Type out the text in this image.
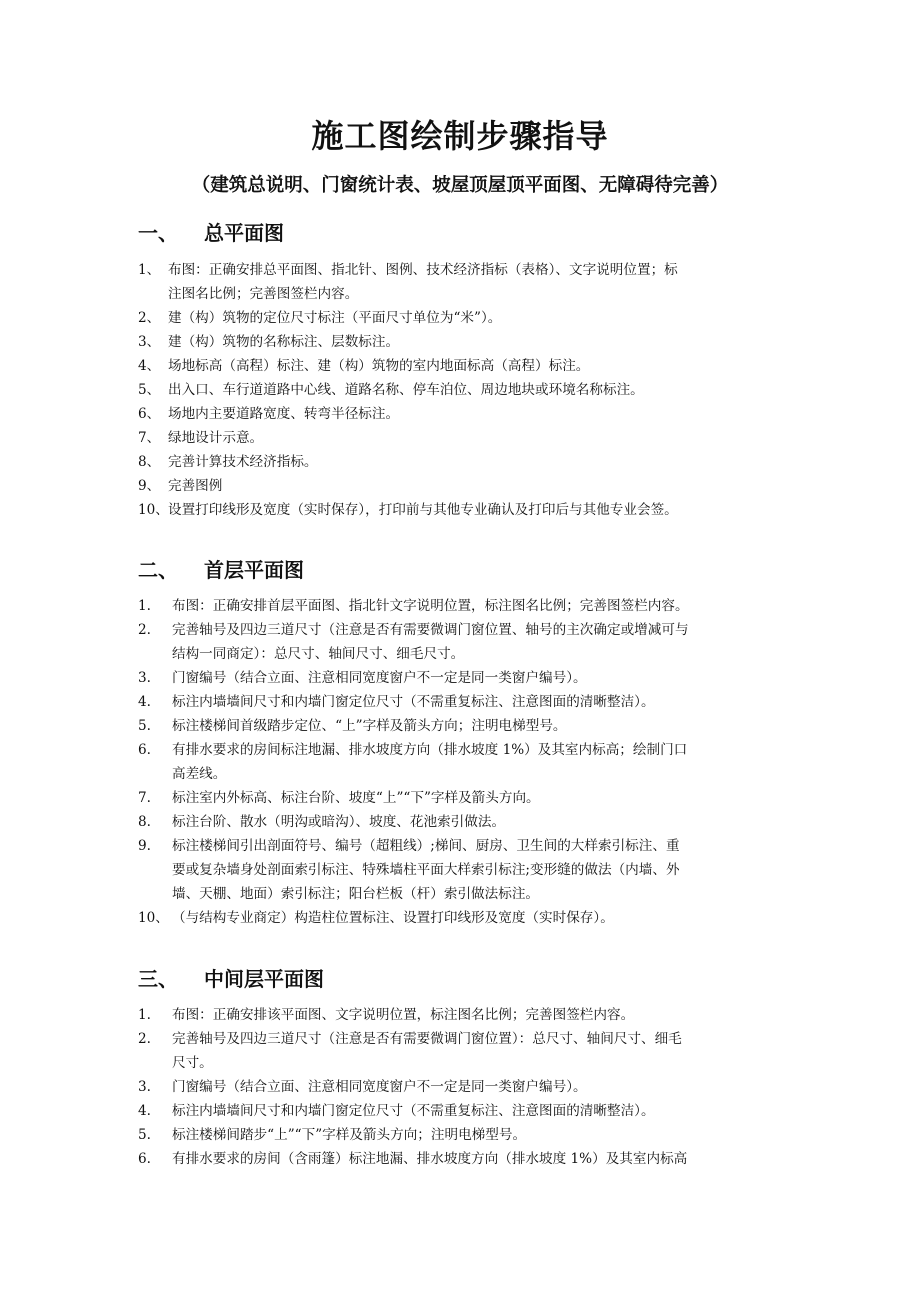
施工图绘制步骤指导
（建筑总说明、门窗统计表、坡屋顶屋顶平面图、无障碍待完善）
一、 总平面图
1、 布图：正确安排总平面图、指北针、图例、技术经济指标（表格）、文字说明位置；标
注图名比例；完善图签栏内容。
2、 建（构）筑物的定位尺寸标注（平面尺寸单位为“米”）。
3、 建（构）筑物的名称标注、层数标注。
4、 场地标高（高程）标注、建（构）筑物的室内地面标高（高程）标注。
5、 出入口、车行道道路中心线、道路名称、停车泊位、周边地块或环境名称标注。
6、 场地内主要道路宽度、转弯半径标注。
7、 绿地设计示意。
8、 完善计算技术经济指标。
9、 完善图例
10、 设置打印线形及宽度（实时保存），打印前与其他专业确认及打印后与其他专业会签。
二、 首层平面图
1. 布图：正确安排首层平面图、指北针文字说明位置，标注图名比例；完善图签栏内容。
2. 完善轴号及四边三道尺寸（注意是否有需要微调门窗位置、轴号的主次确定或增减可与
结构一同商定）：总尺寸、轴间尺寸、细毛尺寸。
3. 门窗编号（结合立面、注意相同宽度窗户不一定是同一类窗户编号）。
4. 标注内墙墙间尺寸和内墙门窗定位尺寸（不需重复标注、注意图面的清晰整洁）。
5. 标注楼梯间首级踏步定位、“上”字样及箭头方向；注明电梯型号。
6. 有排水要求的房间标注地漏、排水坡度方向（排水坡度 1%）及其室内标高；绘制门口
高差线。
7. 标注室内外标高、标注台阶、坡度“上”“下”字样及箭头方向。
8. 标注台阶、散水（明沟或暗沟）、坡度、花池索引做法。
9. 标注楼梯间引出剖面符号、编号（超粗线）;梯间、厨房、卫生间的大样索引标注、重
要或复杂墙身处剖面索引标注、特殊墙柱平面大样索引标注;变形缝的做法（内墙、外
墙、天棚、地面）索引标注；阳台栏板（杆）索引做法标注。
10、 （与结构专业商定）构造柱位置标注、设置打印线形及宽度（实时保存）。
三、 中间层平面图
1. 布图：正确安排该平面图、文字说明位置，标注图名比例；完善图签栏内容。
2. 完善轴号及四边三道尺寸（注意是否有需要微调门窗位置）：总尺寸、轴间尺寸、细毛
尺寸。
3. 门窗编号（结合立面、注意相同宽度窗户不一定是同一类窗户编号）。
4. 标注内墙墙间尺寸和内墙门窗定位尺寸（不需重复标注、注意图面的清晰整洁）。
5. 标注楼梯间踏步“上”“下”字样及箭头方向；注明电梯型号。
6. 有排水要求的房间（含雨篷）标注地漏、排水坡度方向（排水坡度 1%）及其室内标高
